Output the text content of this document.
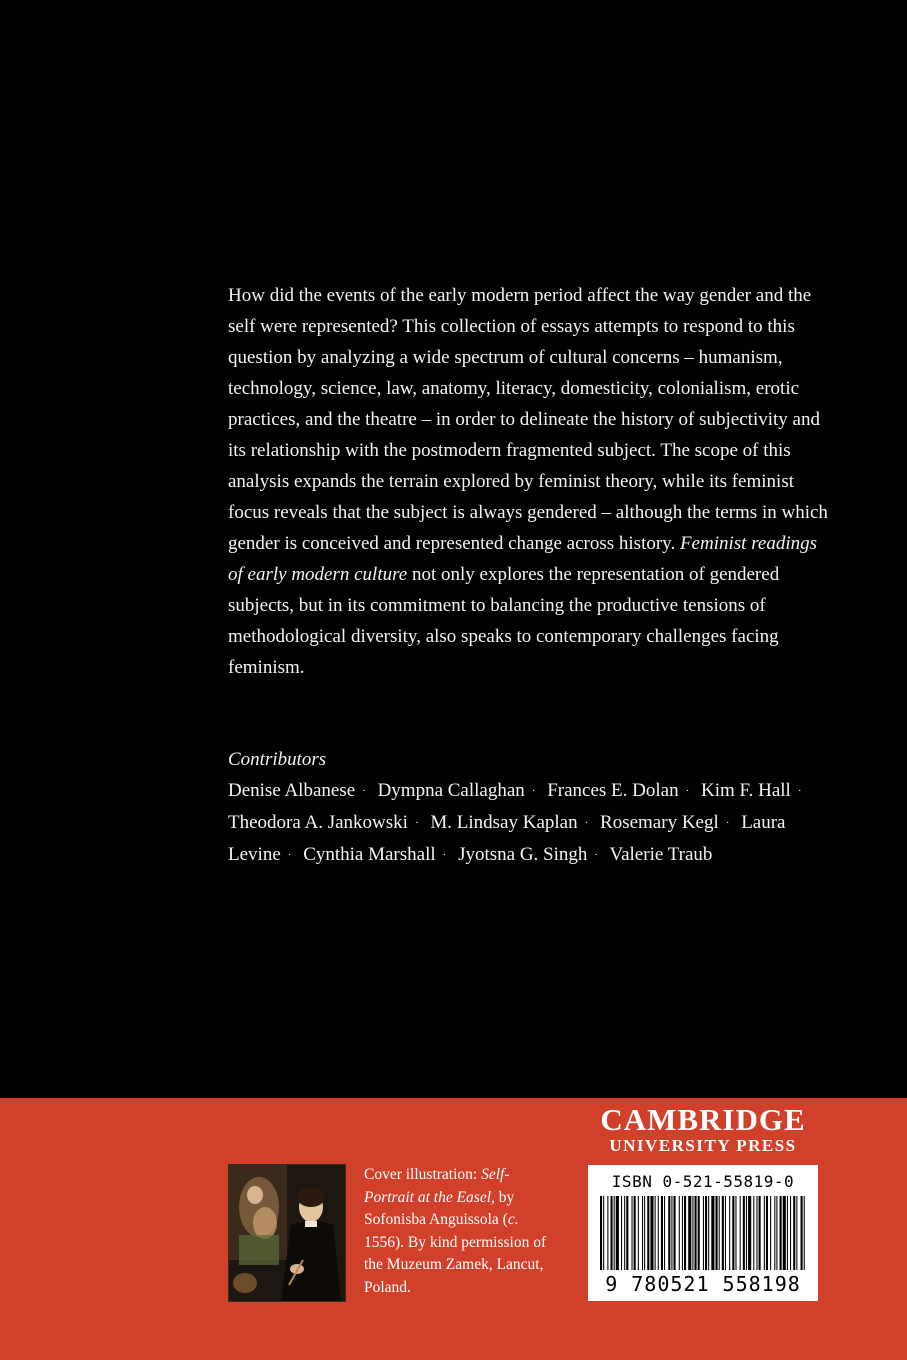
How did the events of the early modern period affect the way gender and the self were represented? This collection of essays attempts to respond to this question by analyzing a wide spectrum of cultural concerns – humanism, technology, science, law, anatomy, literacy, domesticity, colonialism, erotic practices, and the theatre – in order to delineate the history of subjectivity and its relationship with the postmodern fragmented subject. The scope of this analysis expands the terrain explored by feminist theory, while its feminist focus reveals that the subject is always gendered – although the terms in which gender is conceived and represented change across history. Feminist readings of early modern culture not only explores the representation of gendered subjects, but in its commitment to balancing the productive tensions of methodological diversity, also speaks to contemporary challenges facing feminism.

Contributors
Denise Albanese · Dympna Callaghan · Frances E. Dolan · Kim F. Hall · Theodora A. Jankowski · M. Lindsay Kaplan · Rosemary Kegl · Laura Levine · Cynthia Marshall · Jyotsna G. Singh · Valerie Traub
CAMBRIDGE
UNIVERSITY PRESS
Cover illustration: Self-Portrait at the Easel, by Sofonisba Anguissola (c. 1556). By kind permission of the Muzeum Zamek, Lancut, Poland.
ISBN 0-521-55819-0
9 780521 558198
